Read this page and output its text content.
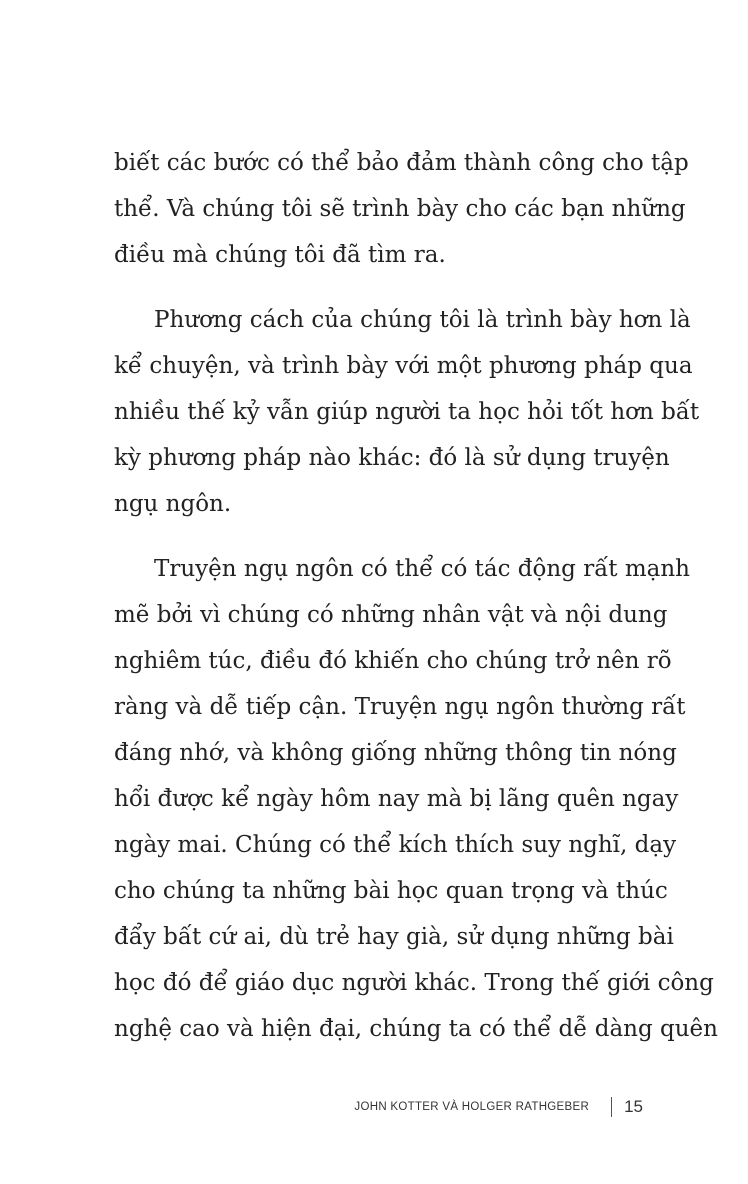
biết các bước có thể bảo đảm thành công cho tập
thể. Và chúng tôi sẽ trình bày cho các bạn những
điều mà chúng tôi đã tìm ra.
Phương cách của chúng tôi là trình bày hơn là
kể chuyện, và trình bày với một phương pháp qua
nhiều thế kỷ vẫn giúp người ta học hỏi tốt hơn bất
kỳ phương pháp nào khác: đó là sử dụng truyện
ngụ ngôn.
Truyện ngụ ngôn có thể có tác động rất mạnh
mẽ bởi vì chúng có những nhân vật và nội dung
nghiêm túc, điều đó khiến cho chúng trở nên rõ
ràng và dễ tiếp cận. Truyện ngụ ngôn thường rất
đáng nhớ, và không giống những thông tin nóng
hổi được kể ngày hôm nay mà bị lãng quên ngay
ngày mai. Chúng có thể kích thích suy nghĩ, dạy
cho chúng ta những bài học quan trọng và thúc
đẩy bất cứ ai, dù trẻ hay già, sử dụng những bài
học đó để giáo dục người khác. Trong thế giới công
nghệ cao và hiện đại, chúng ta có thể dễ dàng quên
JOHN KOTTER VÀ HOLGER RATHGEBER 15
